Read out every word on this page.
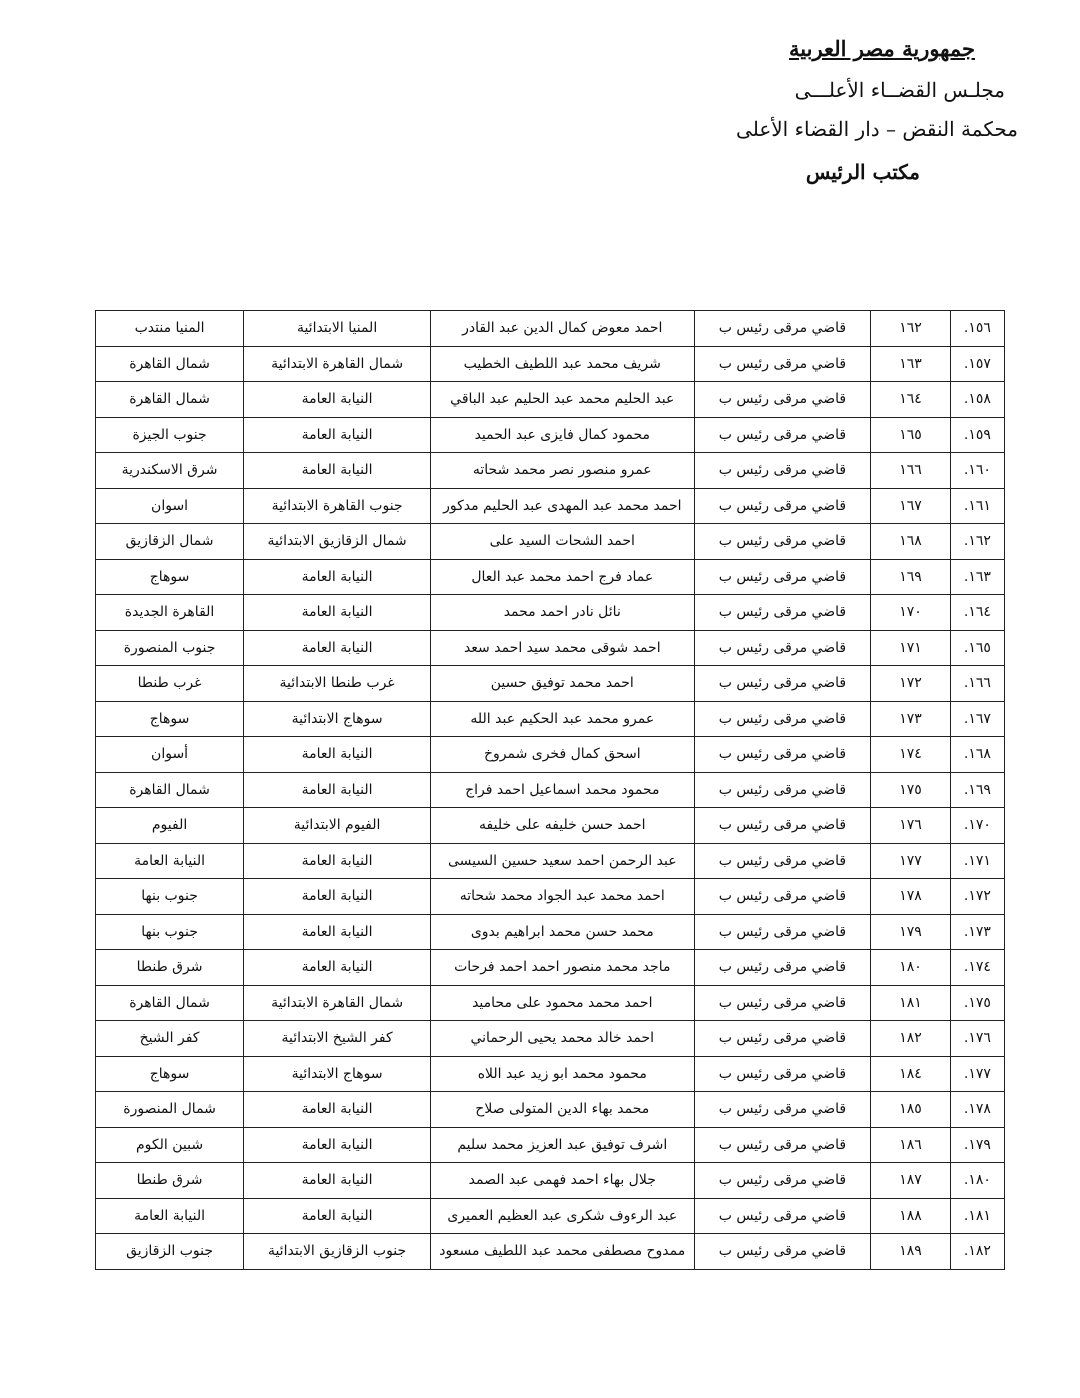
جمهورية مصر العربية
مجلـس القضــاء الأعلـــى
محكمة النقض – دار القضاء الأعلى
مكتب الرئيس
١٥٦.	١٦٢	قاضي مرقى رئيس ب	احمد معوض كمال الدين عبد القادر	المنيا الابتدائية	المنيا منتدب
١٥٧.	١٦٣	قاضي مرقى رئيس ب	شريف محمد عبد اللطيف الخطيب	شمال القاهرة الابتدائية	شمال القاهرة
١٥٨.	١٦٤	قاضي مرقى رئيس ب	عبد الحليم محمد عبد الحليم عبد الباقي	النيابة العامة	شمال القاهرة
١٥٩.	١٦٥	قاضي مرقى رئيس ب	محمود كمال فايزى عبد الحميد	النيابة العامة	جنوب الجيزة
١٦٠.	١٦٦	قاضي مرقى رئيس ب	عمرو منصور نصر محمد شحاته	النيابة العامة	شرق الاسكندرية
١٦١.	١٦٧	قاضي مرقى رئيس ب	احمد محمد عبد المهدى عبد الحليم مدكور	جنوب القاهرة الابتدائية	اسوان
١٦٢.	١٦٨	قاضي مرقى رئيس ب	احمد الشحات السيد على	شمال الزقازيق الابتدائية	شمال الزقازيق
١٦٣.	١٦٩	قاضي مرقى رئيس ب	عماد فرج احمد محمد عبد العال	النيابة العامة	سوهاج
١٦٤.	١٧٠	قاضي مرقى رئيس ب	نائل نادر احمد محمد	النيابة العامة	القاهرة الجديدة
١٦٥.	١٧١	قاضي مرقى رئيس ب	احمد شوقى محمد سيد احمد سعد	النيابة العامة	جنوب المنصورة
١٦٦.	١٧٢	قاضي مرقى رئيس ب	احمد محمد توفيق حسين	غرب طنطا الابتدائية	غرب طنطا
١٦٧.	١٧٣	قاضي مرقى رئيس ب	عمرو محمد عبد الحكيم عبد الله	سوهاج الابتدائية	سوهاج
١٦٨.	١٧٤	قاضي مرقى رئيس ب	اسحق كمال فخرى شمروخ	النيابة العامة	أسوان
١٦٩.	١٧٥	قاضي مرقى رئيس ب	محمود محمد اسماعيل احمد فراج	النيابة العامة	شمال القاهرة
١٧٠.	١٧٦	قاضي مرقى رئيس ب	احمد حسن خليفه على خليفه	الفيوم الابتدائية	الفيوم
١٧١.	١٧٧	قاضي مرقى رئيس ب	عبد الرحمن احمد سعيد حسين السيسى	النيابة العامة	النيابة العامة
١٧٢.	١٧٨	قاضي مرقى رئيس ب	احمد محمد عبد الجواد محمد شحاته	النيابة العامة	جنوب بنها
١٧٣.	١٧٩	قاضي مرقى رئيس ب	محمد حسن محمد ابراهيم بدوى	النيابة العامة	جنوب بنها
١٧٤.	١٨٠	قاضي مرقى رئيس ب	ماجد محمد منصور احمد احمد فرحات	النيابة العامة	شرق طنطا
١٧٥.	١٨١	قاضي مرقى رئيس ب	احمد محمد محمود على محاميد	شمال القاهرة الابتدائية	شمال القاهرة
١٧٦.	١٨٢	قاضي مرقى رئيس ب	احمد خالد محمد يحيى الرحماني	كفر الشيخ الابتدائية	كفر الشيخ
١٧٧.	١٨٤	قاضي مرقى رئيس ب	محمود محمد ابو زيد عبد اللاه	سوهاج الابتدائية	سوهاج
١٧٨.	١٨٥	قاضي مرقى رئيس ب	محمد بهاء الدين المتولى صلاح	النيابة العامة	شمال المنصورة
١٧٩.	١٨٦	قاضي مرقى رئيس ب	اشرف توفيق عبد العزيز محمد سليم	النيابة العامة	شبين الكوم
١٨٠.	١٨٧	قاضي مرقى رئيس ب	جلال بهاء احمد فهمى عبد الصمد	النيابة العامة	شرق طنطا
١٨١.	١٨٨	قاضي مرقى رئيس ب	عبد الرءوف شكرى عبد العظيم العميرى	النيابة العامة	النيابة العامة
١٨٢.	١٨٩	قاضي مرقى رئيس ب	ممدوح مصطفى محمد عبد اللطيف مسعود	جنوب الزقازيق الابتدائية	جنوب الزقازيق
